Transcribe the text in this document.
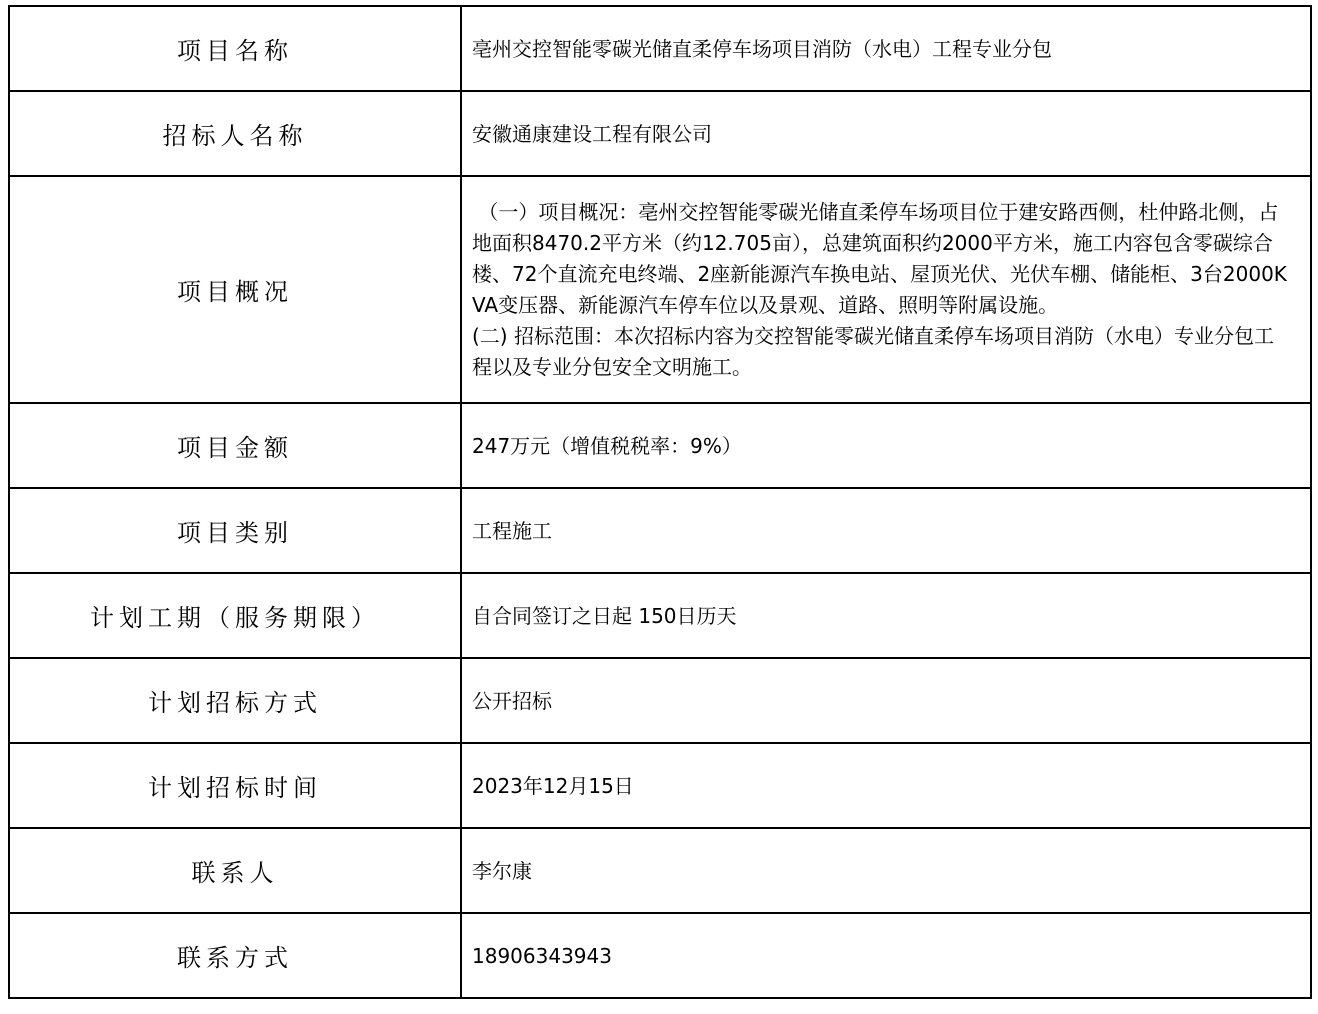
项目名称	亳州交控智能零碳光储直柔停车场项目消防（水电）工程专业分包
招标人名称	安徽通康建设工程有限公司
项目概况	（一）项目概况：亳州交控智能零碳光储直柔停车场项目位于建安路西侧，杜仲路北侧，占地面积8470.2平方米（约12.705亩），总建筑面积约2000平方米，施工内容包含零碳综合楼、72个直流充电终端、2座新能源汽车换电站、屋顶光伏、光伏车棚、储能柜、3台2000KVA变压器、新能源汽车停车位以及景观、道路、照明等附属设施。
(二) 招标范围：本次招标内容为交控智能零碳光储直柔停车场项目消防（水电）专业分包工程以及专业分包安全文明施工。

项目金额	247万元（增值税税率：9%）
项目类别	工程施工
计划工期（服务期限）	自合同签订之日起 150日历天
计划招标方式	公开招标
计划招标时间	2023年12月15日
联系人	李尔康
联系方式	18906343943
